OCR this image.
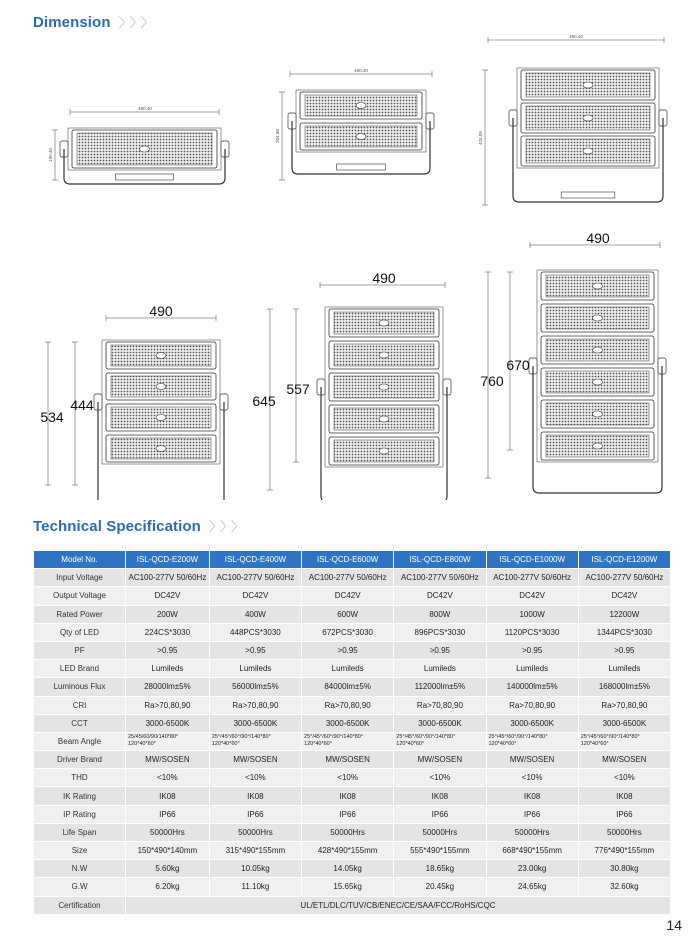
Dimension 〉〉〉
490.40
190.40
490.40
304.88
490.40
426.09
490
444
534
490
557
645
490
670
760
Technical Specification 〉〉〉
Model No.	ISL-QCD-E200W	ISL-QCD-E400W	ISL-QCD-E600W	ISL-QCD-E800W	ISL-QCD-E1000W	ISL-QCD-E1200W
Input Voltage	AC100-277V 50/60Hz	AC100-277V 50/60Hz	AC100-277V 50/60Hz	AC100-277V 50/60Hz	AC100-277V 50/60Hz	AC100-277V 50/60Hz
Output Voltage	DC42V	DC42V	DC42V	DC42V	DC42V	DC42V
Rated Power	200W	400W	600W	800W	1000W	12200W
Qty of LED	224CS*3030	448PCS*3030	672PCS*3030	896PCS*3030	1120PCS*3030	1344PCS*3030
PF	>0.95	>0.95	>0.95	>0.95	>0.95	>0.95
LED Brand	Lumileds	Lumileds	Lumileds	Lumileds	Lumileds	Lumileds
Luminous Flux	28000lm±5%	56000lm±5%	84000lm±5%	112000lm±5%	140000lm±5%	168000lm±5%
CRI	Ra>70,80,90	Ra>70,80,90	Ra>70,80,90	Ra>70,80,90	Ra>70,80,90	Ra>70,80,90
CCT	3000-6500K	3000-6500K	3000-6500K	3000-6500K	3000-6500K	3000-6500K
Beam Angle	25/45/60/90/140*80° 120*40*60°	25°/45°/60°/90°/140*80° 120*40*60°	25°/45°/60°/90°/140*80° 120*40*60°	25°/45°/60°/90°/140*80° 120*40*60°	25°/45°/60°/90°/140*80° 120*40*60°	25°/45°/60°/90°/140*80° 120*40*60°
Driver Brand	MW/SOSEN	MW/SOSEN	MW/SOSEN	MW/SOSEN	MW/SOSEN	MW/SOSEN
THD	<10%	<10%	<10%	<10%	<10%	<10%
IK Rating	IK08	IK08	IK08	IK08	IK08	IK08
IP Rating	IP66	IP66	IP66	IP66	IP66	IP66
Life Span	50000Hrs	50000Hrs	50000Hrs	50000Hrs	50000Hrs	50000Hrs
Size	150*490*140mm	315*490*155mm	428*490*155mm	555*490*155mm	668*490*155mm	776*490*155mm
N.W	5.60kg	10.05kg	14.05kg	18.65kg	23.00kg	30.80kg
G.W	6.20kg	11.10kg	15.65kg	20.45kg	24.65kg	32.60kg
Certification	UL/ETL/DLC/TUV/CB/ENEC/CE/SAA/FCC/RoHS/CQC					
14
